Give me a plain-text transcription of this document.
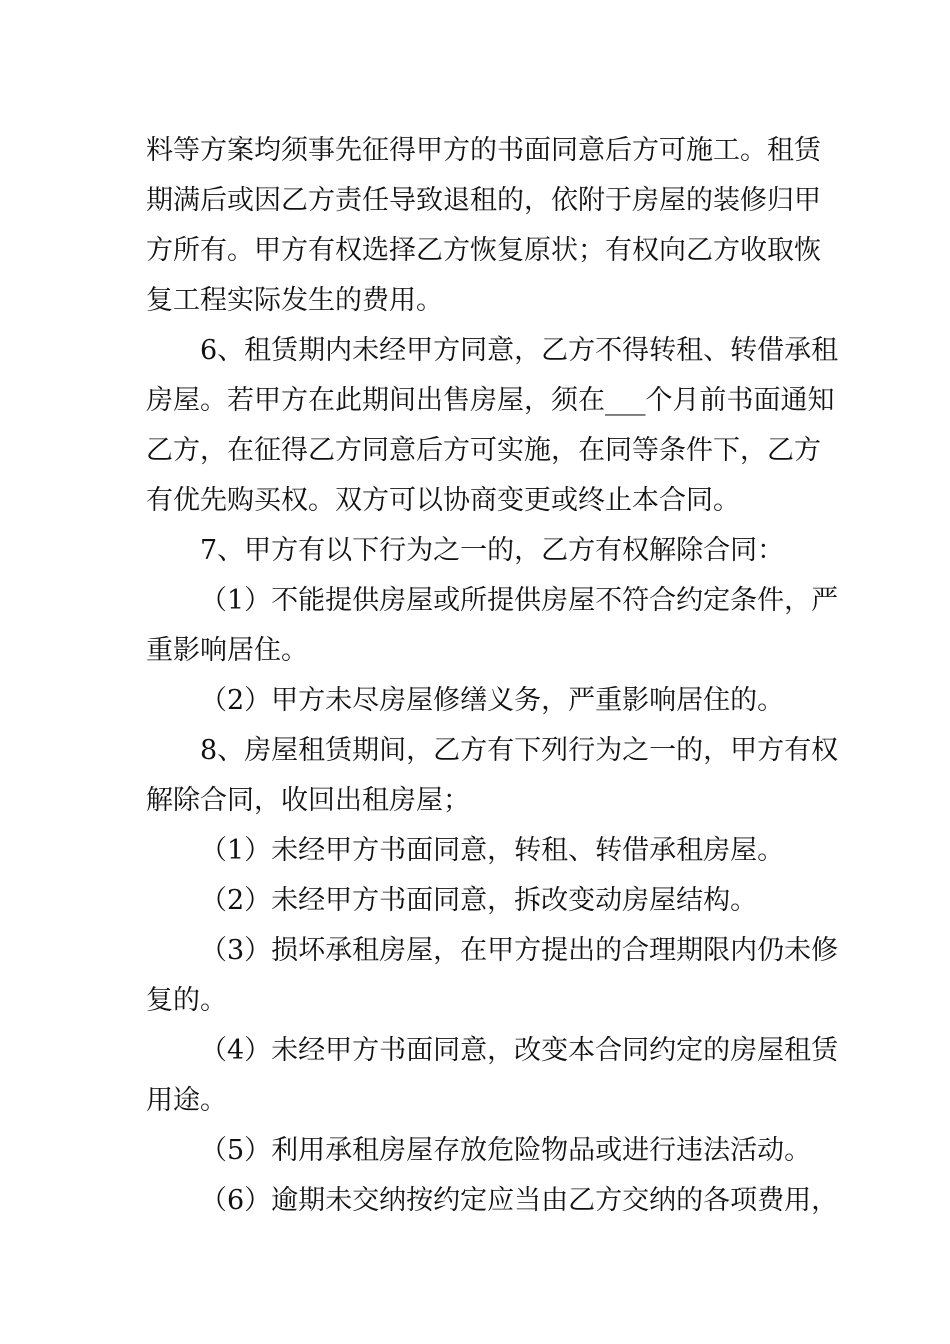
料等方案均须事先征得甲方的书面同意后方可施工。租赁
期满后或因乙方责任导致退租的，依附于房屋的装修归甲
方所有。甲方有权选择乙方恢复原状；有权向乙方收取恢
复工程实际发生的费用。
6、租赁期内未经甲方同意，乙方不得转租、转借承租
房屋。若甲方在此期间出售房屋，须在___个月前书面通知
乙方，在征得乙方同意后方可实施，在同等条件下，乙方
有优先购买权。双方可以协商变更或终止本合同。
7、甲方有以下行为之一的，乙方有权解除合同：
（1）不能提供房屋或所提供房屋不符合约定条件，严
重影响居住。
（2）甲方未尽房屋修缮义务，严重影响居住的。
8、房屋租赁期间，乙方有下列行为之一的，甲方有权
解除合同，收回出租房屋；
（1）未经甲方书面同意，转租、转借承租房屋。
（2）未经甲方书面同意，拆改变动房屋结构。
（3）损坏承租房屋，在甲方提出的合理期限内仍未修
复的。
（4）未经甲方书面同意，改变本合同约定的房屋租赁
用途。
（5）利用承租房屋存放危险物品或进行违法活动。
（6）逾期未交纳按约定应当由乙方交纳的各项费用，
